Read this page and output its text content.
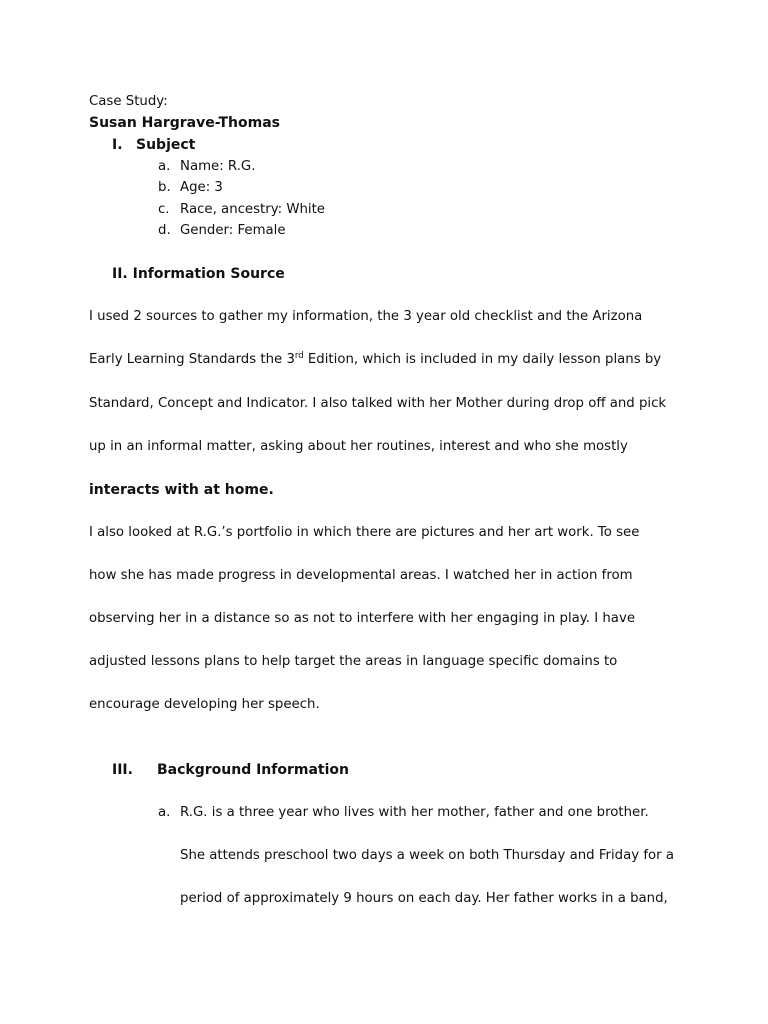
Case Study:
Susan Hargrave-Thomas
I. Subject
a. Name: R.G.
b. Age: 3
c. Race, ancestry: White
d. Gender: Female
II. Information Source
I used 2 sources to gather my information, the 3 year old checklist and the Arizona
Early Learning Standards the 3rd Edition, which is included in my daily lesson plans by
Standard, Concept and Indicator. I also talked with her Mother during drop off and pick
up in an informal matter, asking about her routines, interest and who she mostly
interacts with at home.
I also looked at R.G.’s portfolio in which there are pictures and her art work. To see
how she has made progress in developmental areas. I watched her in action from
observing her in a distance so as not to interfere with her engaging in play. I have
adjusted lessons plans to help target the areas in language specific domains to
encourage developing her speech.
III. Background Information
a. R.G. is a three year who lives with her mother, father and one brother.
She attends preschool two days a week on both Thursday and Friday for a
period of approximately 9 hours on each day. Her father works in a band,
